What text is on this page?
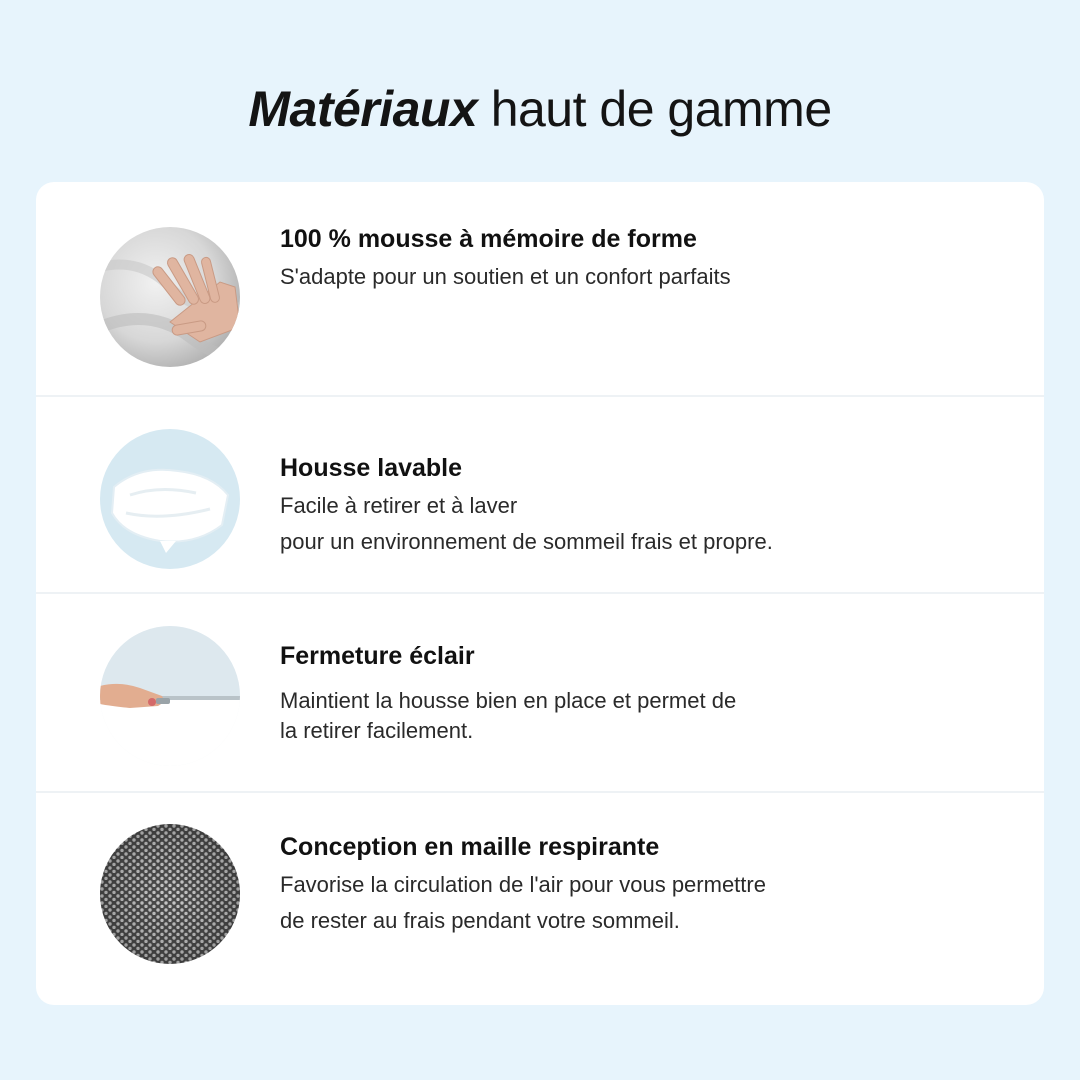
Matériaux haut de gamme
100 % mousse à mémoire de forme
S'adapte pour un soutien et un confort parfaits
Housse lavable
Facile à retirer et à laver
pour un environnement de sommeil frais et propre.
Fermeture éclair
Maintient la housse bien en place et permet de
la retirer facilement.
Conception en maille respirante
Favorise la circulation de l'air pour vous permettre
de rester au frais pendant votre sommeil.
